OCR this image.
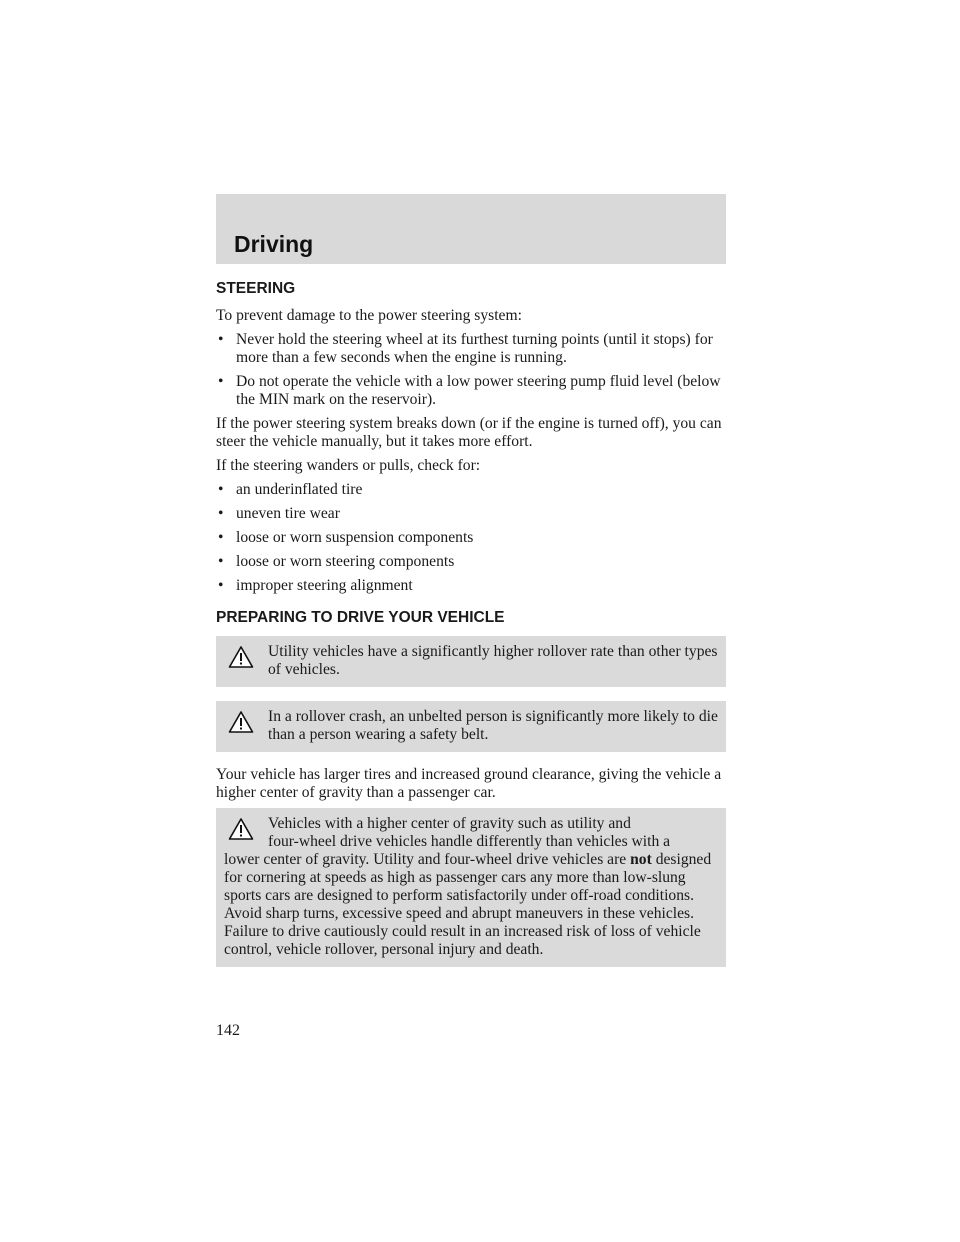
Driving
STEERING

To prevent damage to the power steering system:

• Never hold the steering wheel at its furthest turning points (until it stops) for more than a few seconds when the engine is running.
• Do not operate the vehicle with a low power steering pump fluid level (below the MIN mark on the reservoir).

If the power steering system breaks down (or if the engine is turned off), you can steer the vehicle manually, but it takes more effort.

If the steering wanders or pulls, check for:

• an underinflated tire
• uneven tire wear
• loose or worn suspension components
• loose or worn steering components
• improper steering alignment
PREPARING TO DRIVE YOUR VEHICLE
Utility vehicles have a significantly higher rollover rate than other types of vehicles.
In a rollover crash, an unbelted person is significantly more likely to die than a person wearing a safety belt.

Your vehicle has larger tires and increased ground clearance, giving the vehicle a higher center of gravity than a passenger car.

Vehicles with a higher center of gravity such as utility and
four-wheel drive vehicles handle differently than vehicles with a
lower center of gravity. Utility and four-wheel drive vehicles are not designed for cornering at speeds as high as passenger cars any more than low-slung sports cars are designed to perform satisfactorily under off-road conditions. Avoid sharp turns, excessive speed and abrupt maneuvers in these vehicles. Failure to drive cautiously could result in an increased risk of loss of vehicle control, vehicle rollover, personal injury and death.
142
